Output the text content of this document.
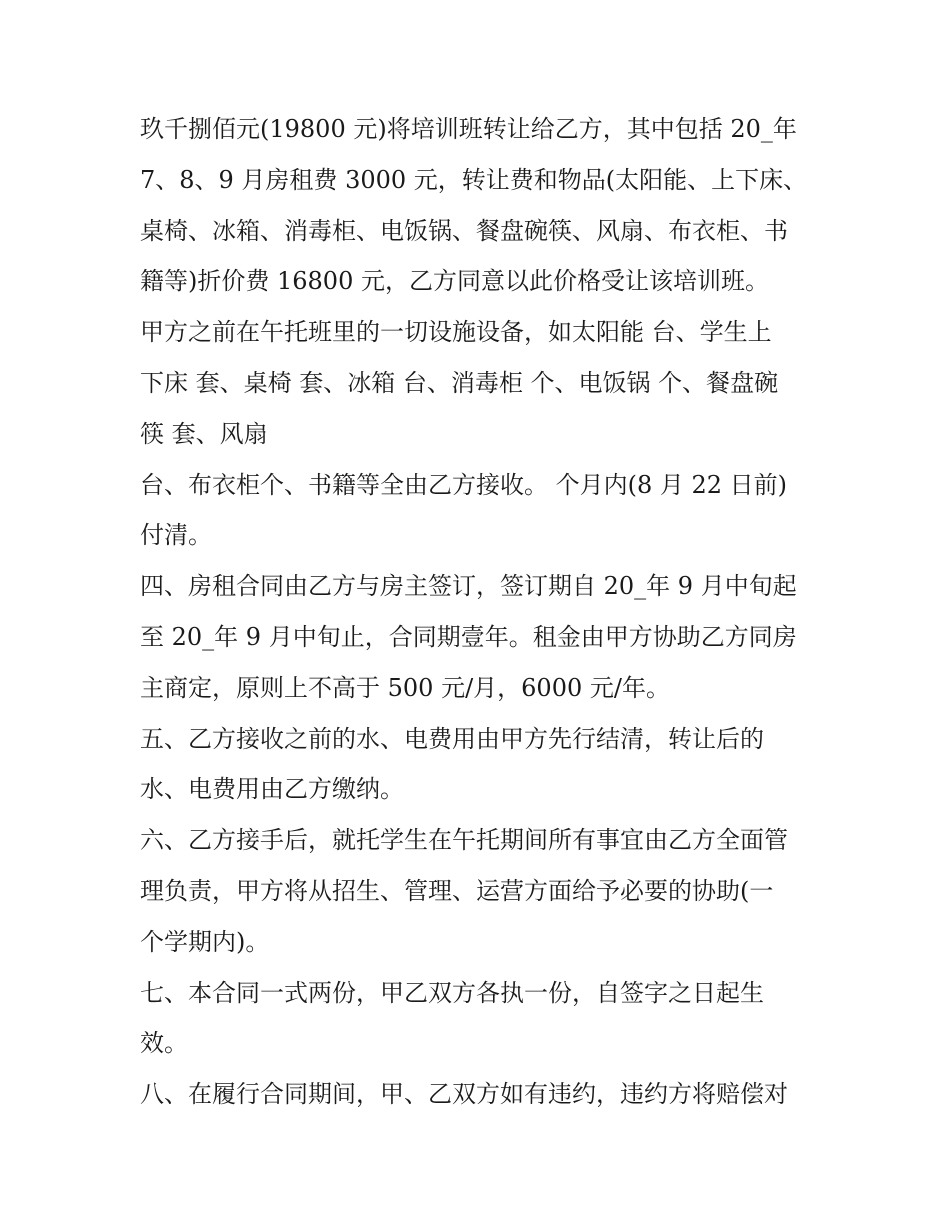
玖千捌佰元(19800 元)将培训班转让给乙方，其中包括 20_年
7、8、9 月房租费 3000 元，转让费和物品(太阳能、上下床、
桌椅、冰箱、消毒柜、电饭锅、餐盘碗筷、风扇、布衣柜、书
籍等)折价费 16800 元，乙方同意以此价格受让该培训班。
甲方之前在午托班里的一切设施设备，如太阳能 台、学生上
下床 套、桌椅 套、冰箱 台、消毒柜 个、电饭锅 个、餐盘碗
筷 套、风扇
台、布衣柜个、书籍等全由乙方接收。 个月内(8 月 22 日前)
付清。
四、房租合同由乙方与房主签订，签订期自 20_年 9 月中旬起
至 20_年 9 月中旬止，合同期壹年。租金由甲方协助乙方同房
主商定，原则上不高于 500 元/月，6000 元/年。
五、乙方接收之前的水、电费用由甲方先行结清，转让后的
水、电费用由乙方缴纳。
六、乙方接手后，就托学生在午托期间所有事宜由乙方全面管
理负责，甲方将从招生、管理、运营方面给予必要的协助(一
个学期内)。
七、本合同一式两份，甲乙双方各执一份，自签字之日起生
效。
八、在履行合同期间，甲、乙双方如有违约，违约方将赔偿对
